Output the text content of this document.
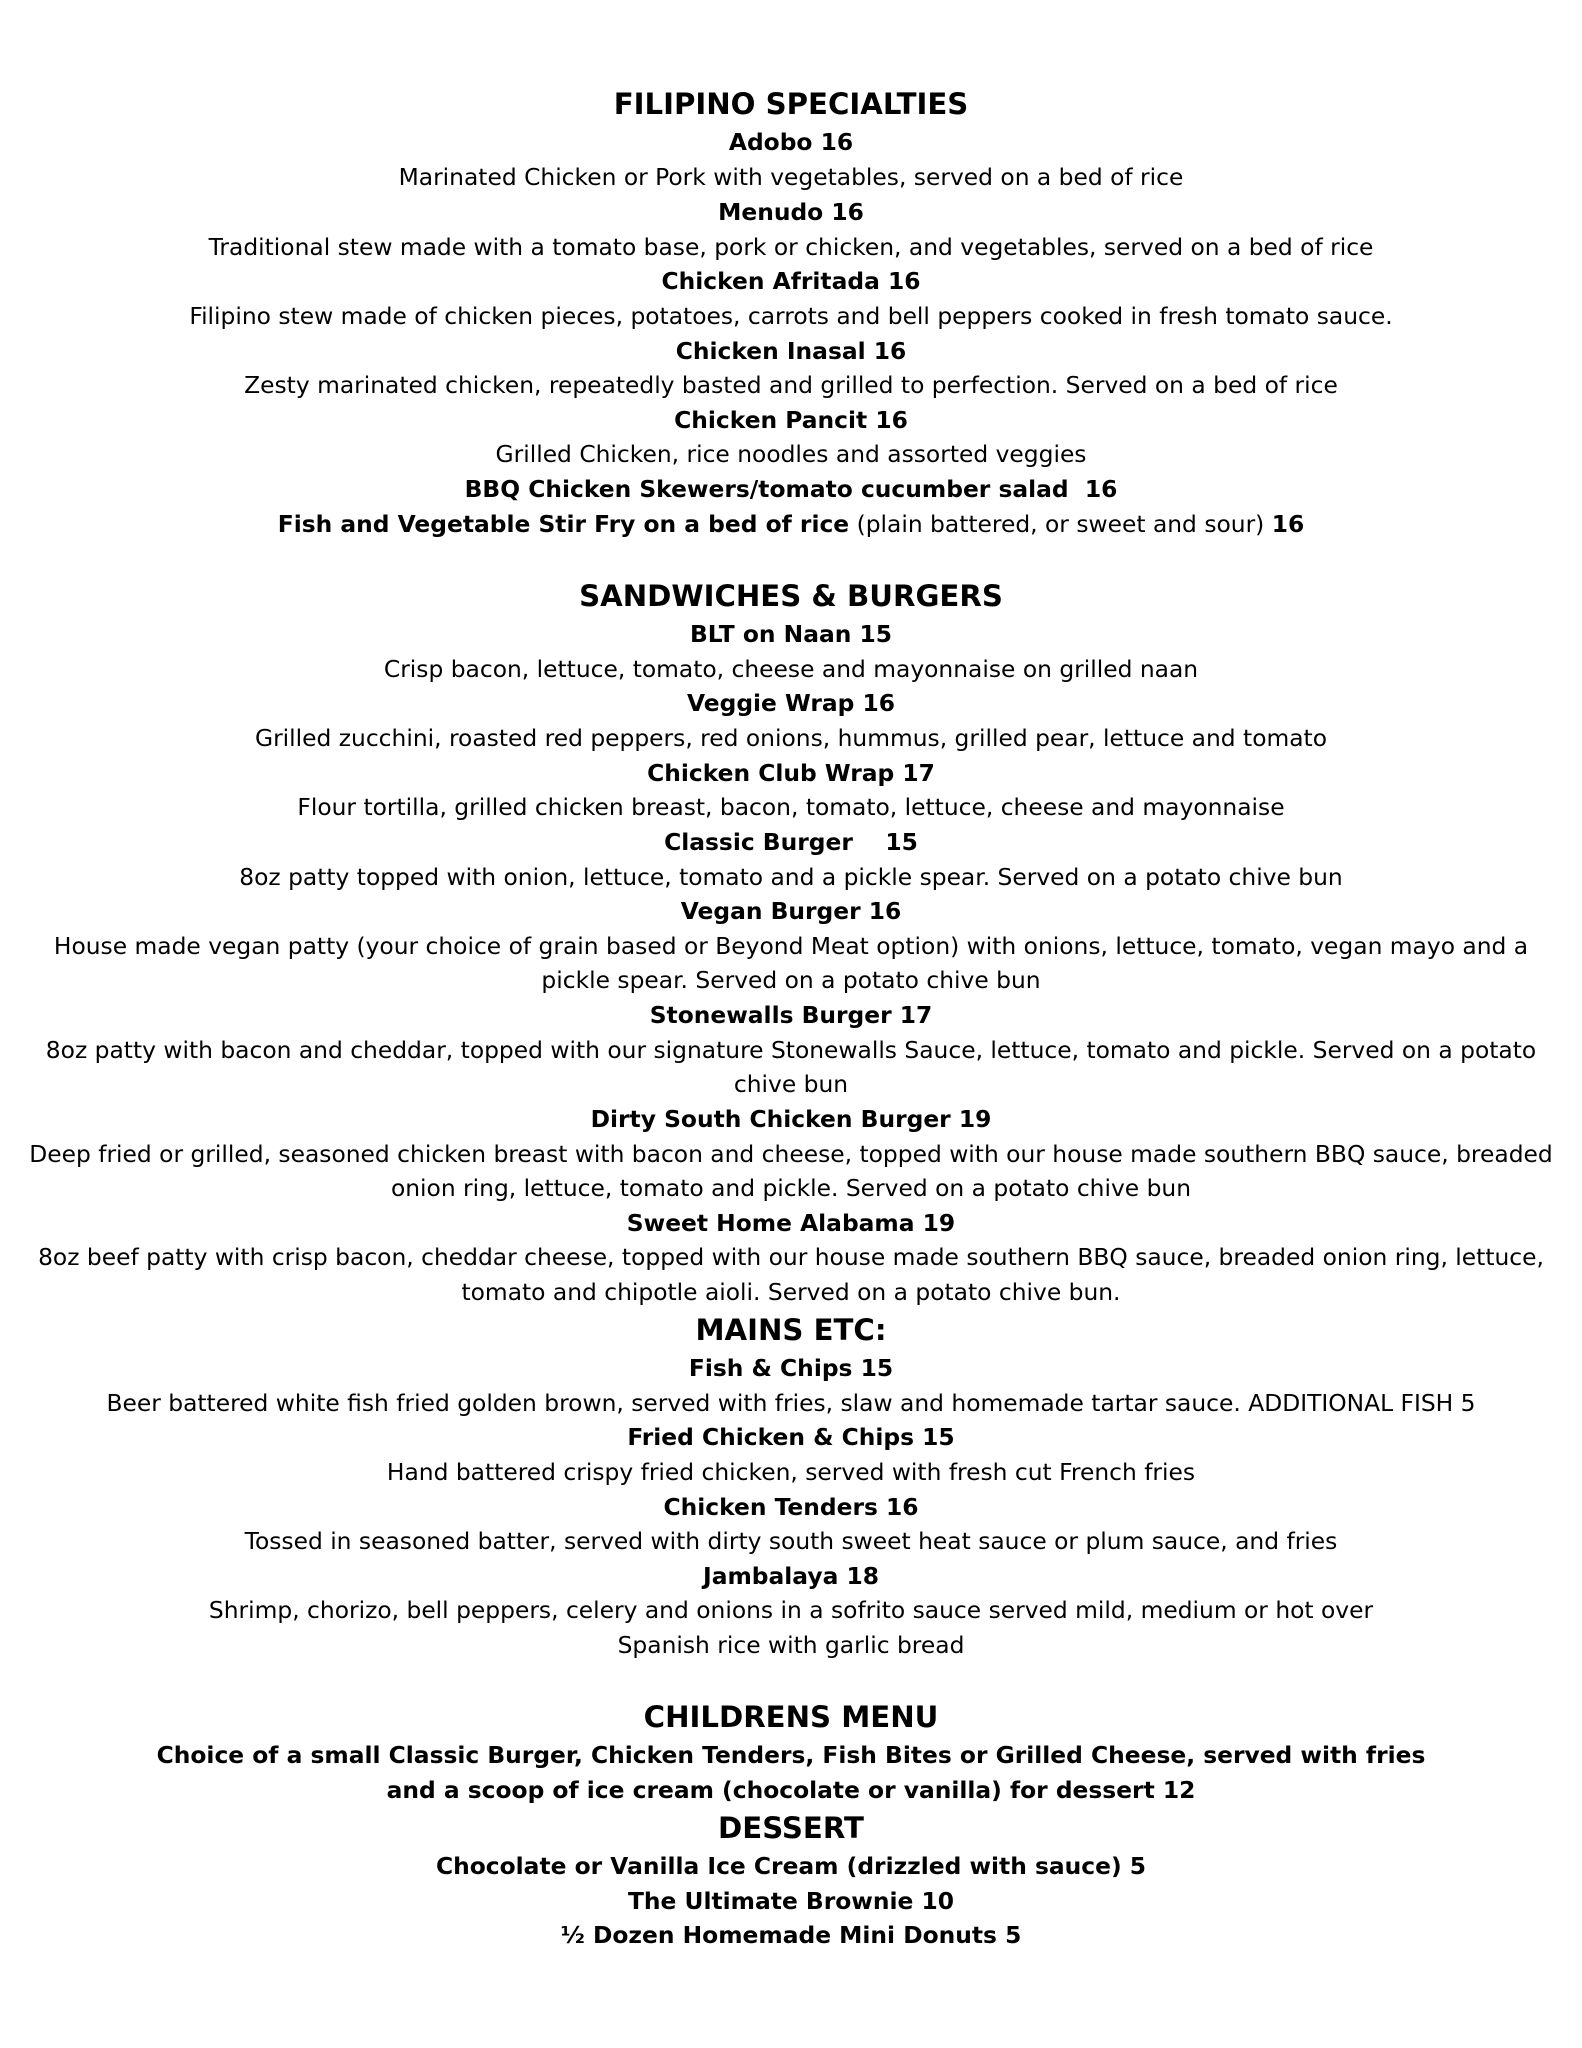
FILIPINO SPECIALTIES
Adobo 16
Marinated Chicken or Pork with vegetables, served on a bed of rice
Menudo 16
Traditional stew made with a tomato base, pork or chicken, and vegetables, served on a bed of rice
Chicken Afritada 16
Filipino stew made of chicken pieces, potatoes, carrots and bell peppers cooked in fresh tomato sauce.
Chicken Inasal 16
Zesty marinated chicken, repeatedly basted and grilled to perfection. Served on a bed of rice
Chicken Pancit 16
Grilled Chicken, rice noodles and assorted veggies
BBQ Chicken Skewers/tomato cucumber salad  16
Fish and Vegetable Stir Fry on a bed of rice (plain battered, or sweet and sour) 16
SANDWICHES & BURGERS
BLT on Naan 15
Crisp bacon, lettuce, tomato, cheese and mayonnaise on grilled naan
Veggie Wrap 16
Grilled zucchini, roasted red peppers, red onions, hummus, grilled pear, lettuce and tomato
Chicken Club Wrap 17
Flour tortilla, grilled chicken breast, bacon, tomato, lettuce, cheese and mayonnaise
Classic Burger    15
8oz patty topped with onion, lettuce, tomato and a pickle spear. Served on a potato chive bun
Vegan Burger 16
House made vegan patty (your choice of grain based or Beyond Meat option) with onions, lettuce, tomato, vegan mayo and a
pickle spear. Served on a potato chive bun
Stonewalls Burger 17
8oz patty with bacon and cheddar, topped with our signature Stonewalls Sauce, lettuce, tomato and pickle. Served on a potato
chive bun
Dirty South Chicken Burger 19
Deep fried or grilled, seasoned chicken breast with bacon and cheese, topped with our house made southern BBQ sauce, breaded
onion ring, lettuce, tomato and pickle. Served on a potato chive bun
Sweet Home Alabama 19
8oz beef patty with crisp bacon, cheddar cheese, topped with our house made southern BBQ sauce, breaded onion ring, lettuce,
tomato and chipotle aioli. Served on a potato chive bun.
MAINS ETC:
Fish & Chips 15
Beer battered white fish fried golden brown, served with fries, slaw and homemade tartar sauce. ADDITIONAL FISH 5
Fried Chicken & Chips 15
Hand battered crispy fried chicken, served with fresh cut French fries
Chicken Tenders 16
Tossed in seasoned batter, served with dirty south sweet heat sauce or plum sauce, and fries
Jambalaya 18
Shrimp, chorizo, bell peppers, celery and onions in a sofrito sauce served mild, medium or hot over
Spanish rice with garlic bread
CHILDRENS MENU
Choice of a small Classic Burger, Chicken Tenders, Fish Bites or Grilled Cheese, served with fries
and a scoop of ice cream (chocolate or vanilla) for dessert 12
DESSERT
Chocolate or Vanilla Ice Cream (drizzled with sauce) 5
The Ultimate Brownie 10
½ Dozen Homemade Mini Donuts 5
